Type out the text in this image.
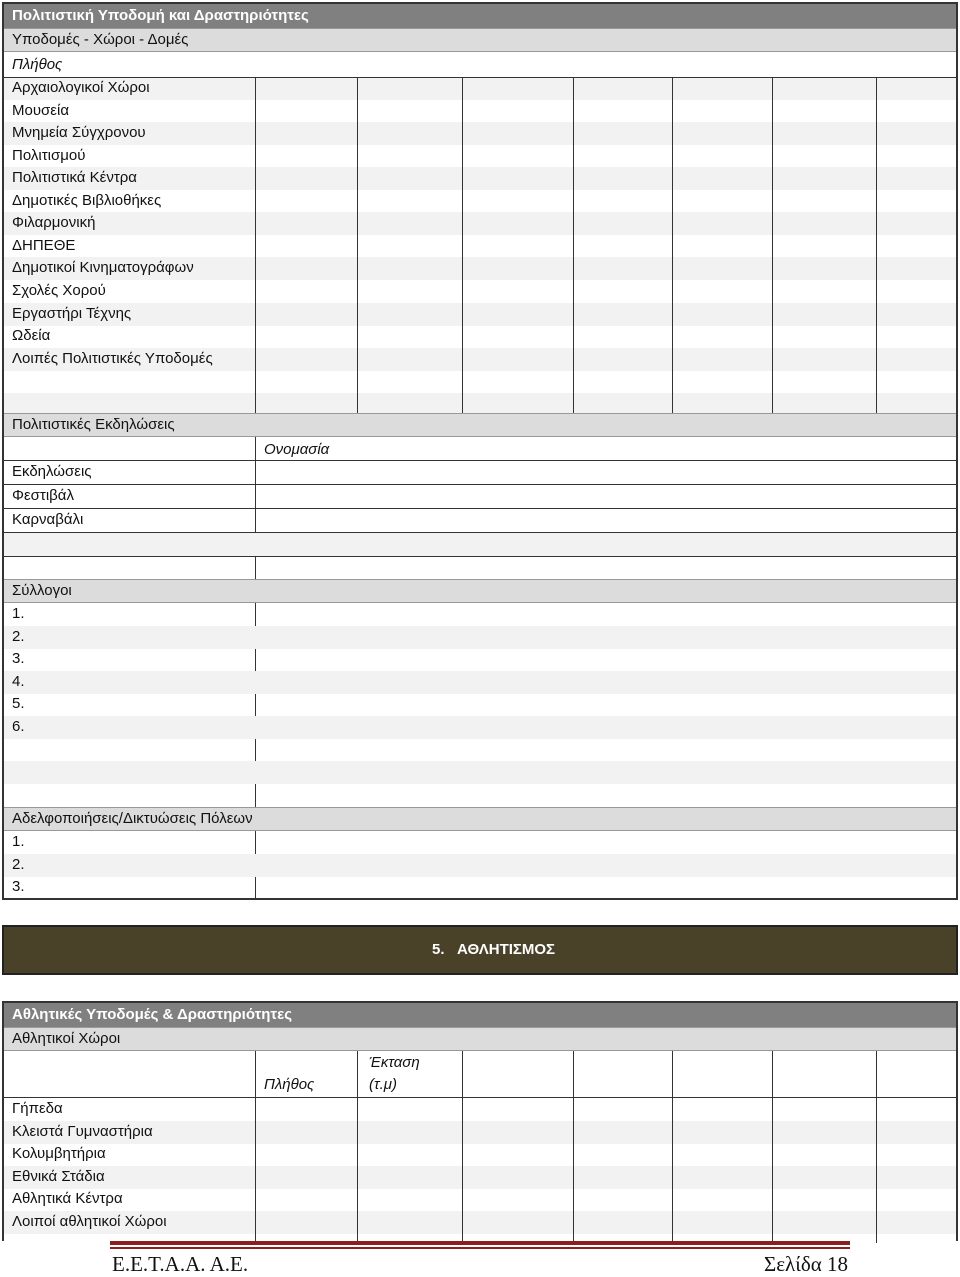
Πολιτιστική Υποδομή και Δραστηριότητες
Υποδομές - Χώροι - Δομές
Πλήθος
Αρχαιολογικοί Χώροι
Μουσεία
Μνημεία Σύγχρονου
Πολιτισμού
Πολιτιστικά Κέντρα
Δημοτικές Βιβλιοθήκες
Φιλαρμονική
ΔΗΠΕΘΕ
Δημοτικοί Κινηματογράφων
Σχολές Χορού
Εργαστήρι Τέχνης
Ωδεία
Λοιπές Πολιτιστικές Υποδομές
Πολιτιστικές Εκδηλώσεις
Ονομασία
Εκδηλώσεις
Φεστιβάλ
Καρναβάλι
Σύλλογοι
1.
2.
3.
4.
5.
6.
Αδελφοποιήσεις/Δικτυώσεις Πόλεων
1.
2.
3.
5. ΑΘΛΗΤΙΣΜΟΣ
Αθλητικές Υποδομές & Δραστηριότητες
Αθλητικοί Χώροι
Πλήθος
Έκταση
(τ.μ)
Γήπεδα
Κλειστά Γυμναστήρια
Κολυμβητήρια
Εθνικά Στάδια
Αθλητικά Κέντρα
Λοιποί αθλητικοί Χώροι
Ε.Ε.Τ.Α.Α. Α.Ε.	Σελίδα 18
